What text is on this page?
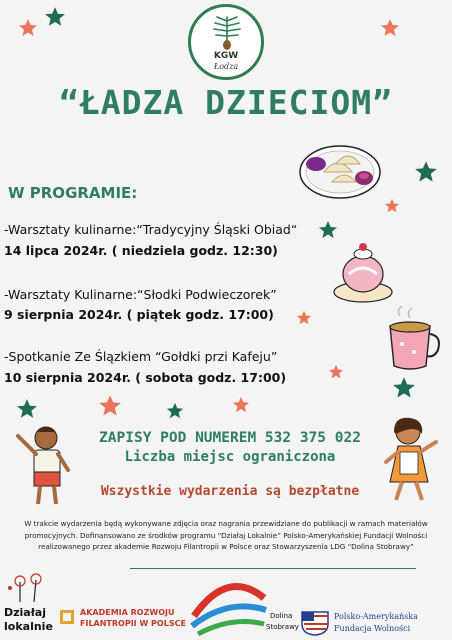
KGW
Łodza
“ŁADZA DZIECIOM”
W PROGRAMIE:
-Warsztaty kulinarne:“Tradycyjny Śląski Obiad“
14 lipca 2024r. ( niedziela godz. 12:30)
-Warsztaty Kulinarne:“Słodki Podwieczorek”
9 sierpnia 2024r. ( piątek godz. 17:00)
-Spotkanie Ze Ślązkiem “Gołdki przi Kafeju”
10 sierpnia 2024r. ( sobota godz. 17:00)
ZAPISY POD NUMEREM 532 375 022
Liczba miejsc ograniczona
Wszystkie wydarzenia są bezpłatne
W trakcie wydarzenia będą wykonywane zdjęcia oraz nagrania przewidziane do publikacji w ramach materiałów promocyjnych. Dofinansowano ze środków programu “Działaj Lokalnie” Polsko-Amerykańskiej Fundacji Wolności realizowanego przez akademie Rozwoju Filantropii w Polsce oraz Stowarzyszenia LDG “Dolina Stobrawy”
Działaj
lokalnie
AKADEMIA ROZWOJU
FILANTROPII W POLSCE
Dolina
Stobrawy
Polsko-Amerykańska
Fundacja Wolności
